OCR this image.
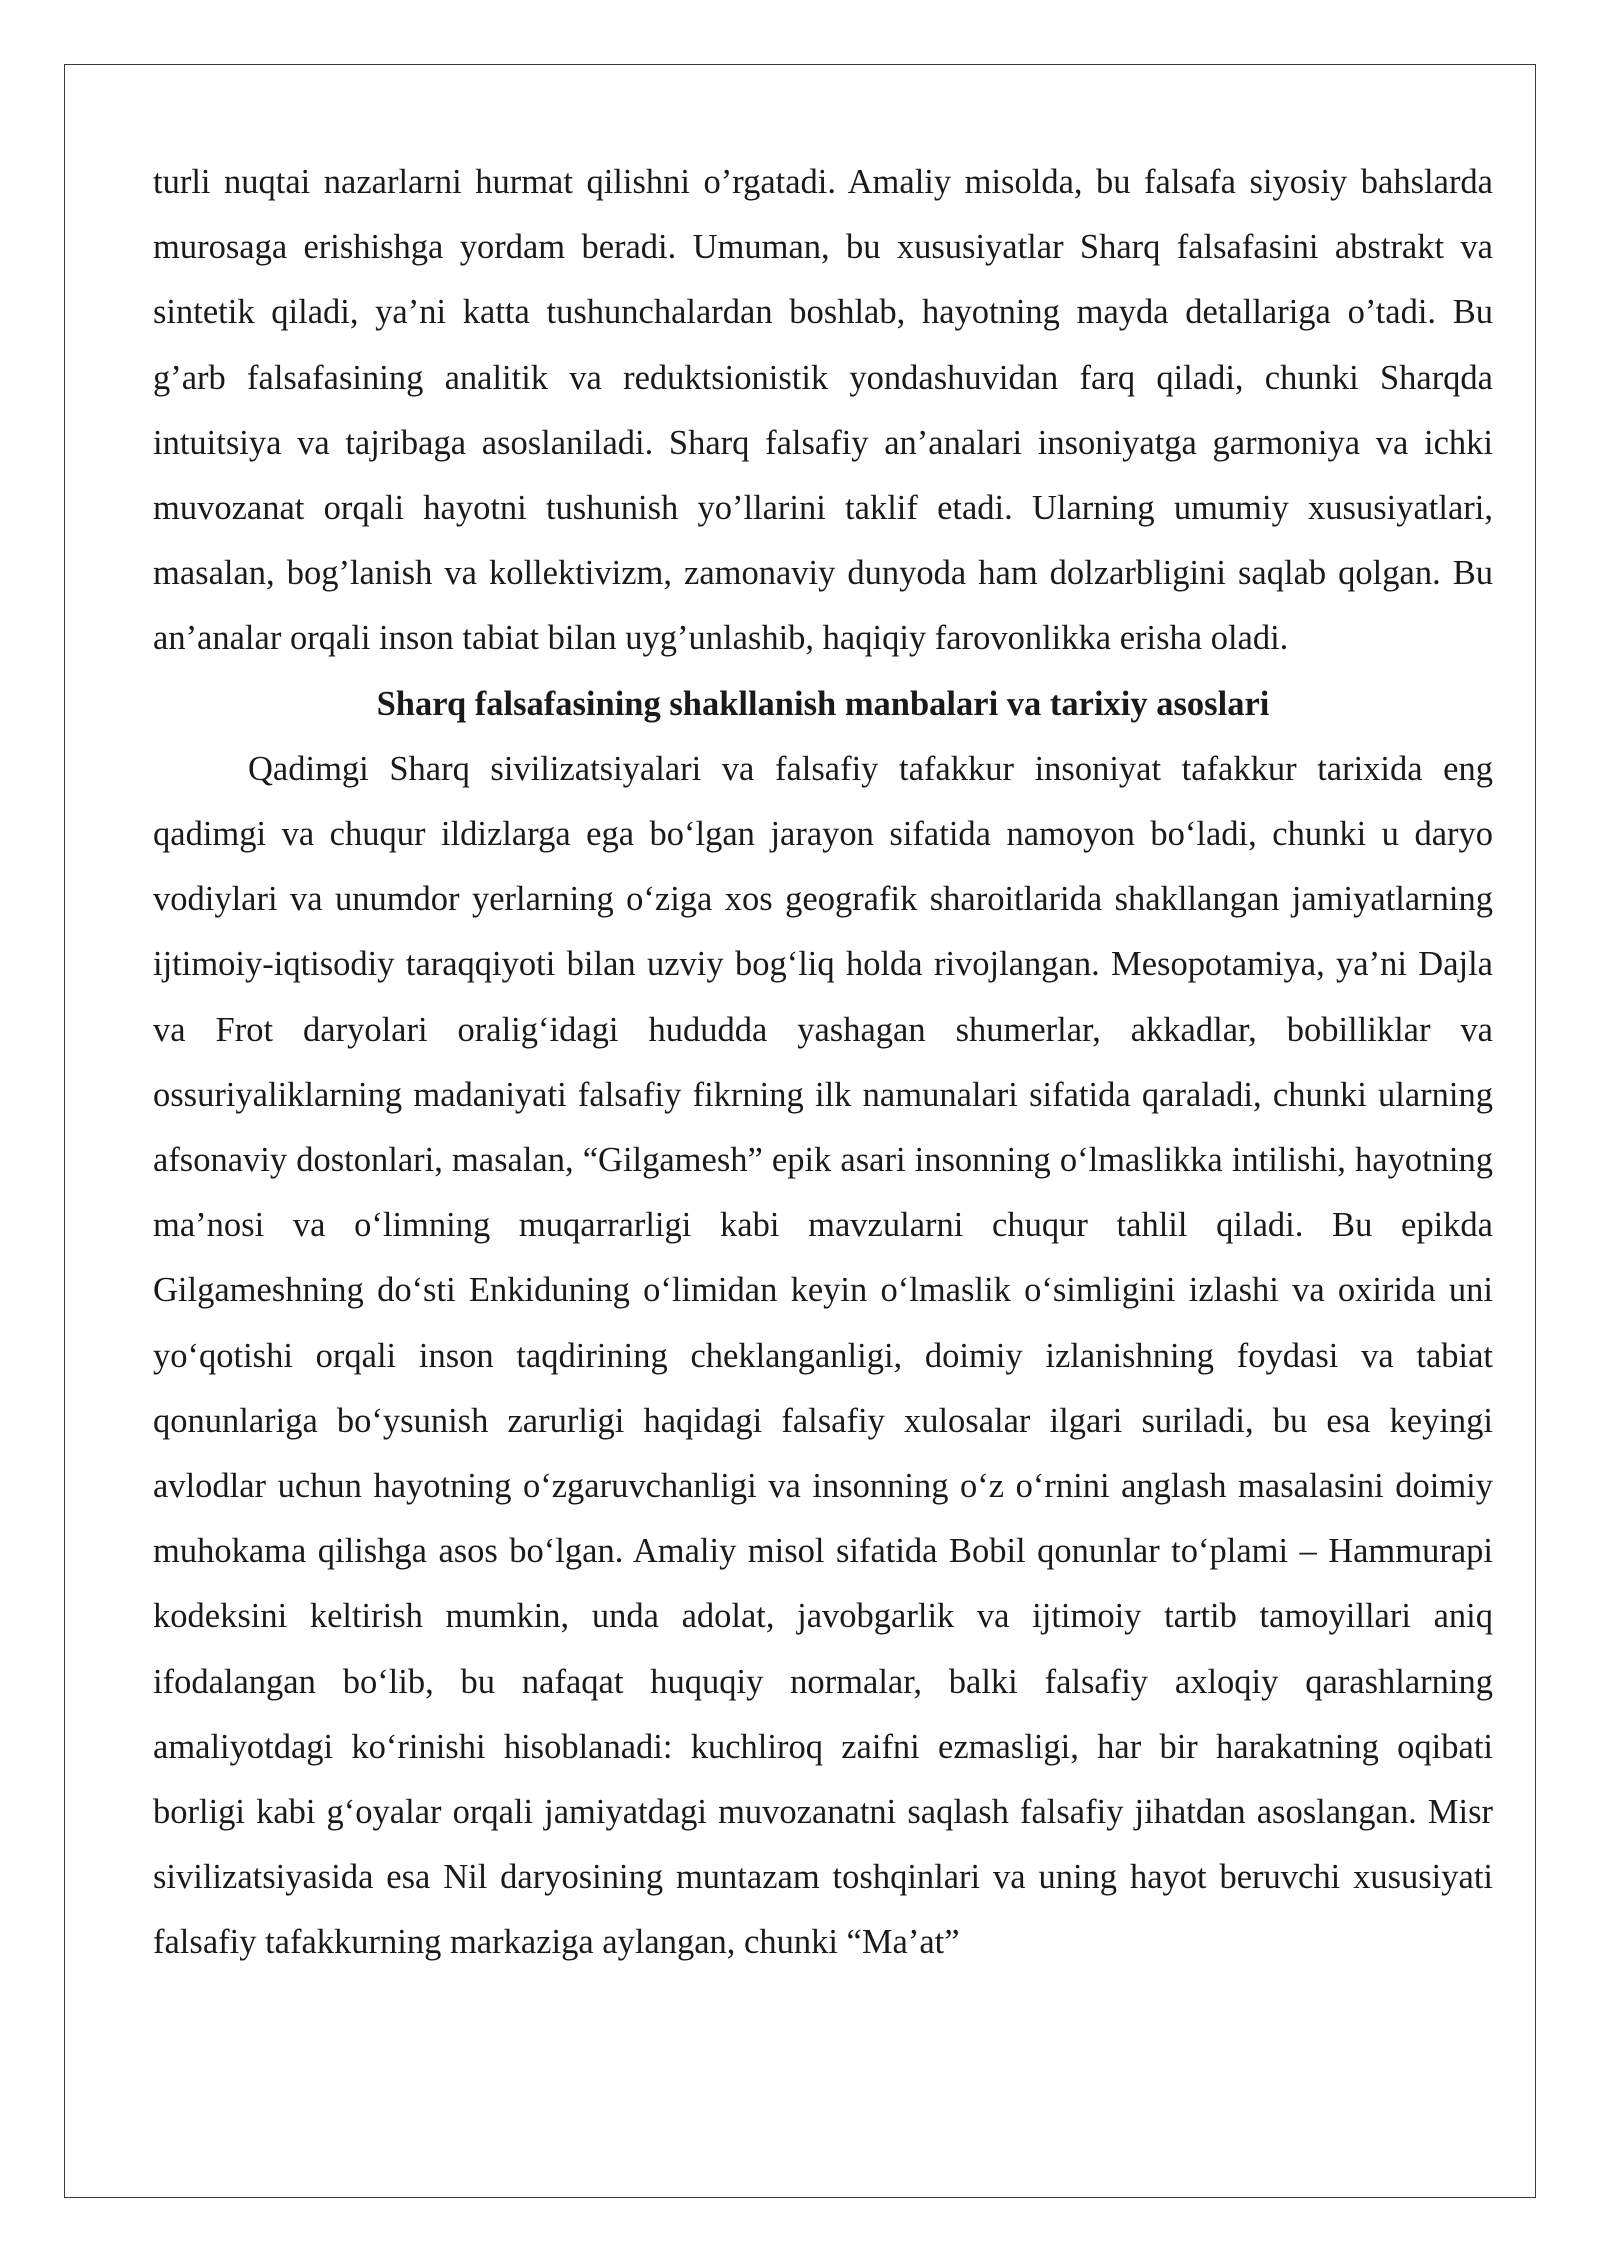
turli nuqtai nazarlarni hurmat qilishni o’rgatadi. Amaliy misolda, bu falsafa siyosiy bahslarda murosaga erishishga yordam beradi. Umuman, bu xususiyatlar Sharq falsafasini abstrakt va sintetik qiladi, ya’ni katta tushunchalardan boshlab, hayotning mayda detallariga o’tadi. Bu g’arb falsafasining analitik va reduktsionistik yondashuvidan farq qiladi, chunki Sharqda intuitsiya va tajribaga asoslaniladi. Sharq falsafiy an’analari insoniyatga garmoniya va ichki muvozanat orqali hayotni tushunish yo’llarini taklif etadi. Ularning umumiy xususiyatlari, masalan, bog’lanish va kollektivizm, zamonaviy dunyoda ham dolzarbligini saqlab qolgan. Bu an’analar orqali inson tabiat bilan uyg’unlashib, haqiqiy farovonlikka erisha oladi.

Sharq falsafasining shakllanish manbalari va tarixiy asoslari

Qadimgi Sharq sivilizatsiyalari va falsafiy tafakkur insoniyat tafakkur tarixida eng qadimgi va chuqur ildizlarga ega bo‘lgan jarayon sifatida namoyon bo‘ladi, chunki u daryo vodiylari va unumdor yerlarning o‘ziga xos geografik sharoitlarida shakllangan jamiyatlarning ijtimoiy-iqtisodiy taraqqiyoti bilan uzviy bog‘liq holda rivojlangan. Mesopotamiya, ya’ni Dajla va Frot daryolari oralig‘idagi hududda yashagan shumerlar, akkadlar, bobilliklar va ossuriyaliklarning madaniyati falsafiy fikrning ilk namunalari sifatida qaraladi, chunki ularning afsonaviy dostonlari, masalan, “Gilgamesh” epik asari insonning o‘lmaslikka intilishi, hayotning ma’nosi va o‘limning muqarrarligi kabi mavzularni chuqur tahlil qiladi. Bu epikda Gilgameshning do‘sti Enkiduning o‘limidan keyin o‘lmaslik o‘simligini izlashi va oxirida uni yo‘qotishi orqali inson taqdirining cheklanganligi, doimiy izlanishning foydasi va tabiat qonunlariga bo‘ysunish zarurligi haqidagi falsafiy xulosalar ilgari suriladi, bu esa keyingi avlodlar uchun hayotning o‘zgaruvchanligi va insonning o‘z o‘rnini anglash masalasini doimiy muhokama qilishga asos bo‘lgan. Amaliy misol sifatida Bobil qonunlar to‘plami – Hammurapi kodeksini keltirish mumkin, unda adolat, javobgarlik va ijtimoiy tartib tamoyillari aniq ifodalangan bo‘lib, bu nafaqat huquqiy normalar, balki falsafiy axloqiy qarashlarning amaliyotdagi ko‘rinishi hisoblanadi: kuchliroq zaifni ezmasligi, har bir harakatning oqibati borligi kabi g‘oyalar orqali jamiyatdagi muvozanatni saqlash falsafiy jihatdan asoslangan. Misr sivilizatsiyasida esa Nil daryosining muntazam toshqinlari va uning hayot beruvchi xususiyati falsafiy tafakkurning markaziga aylangan, chunki “Ma’at”
